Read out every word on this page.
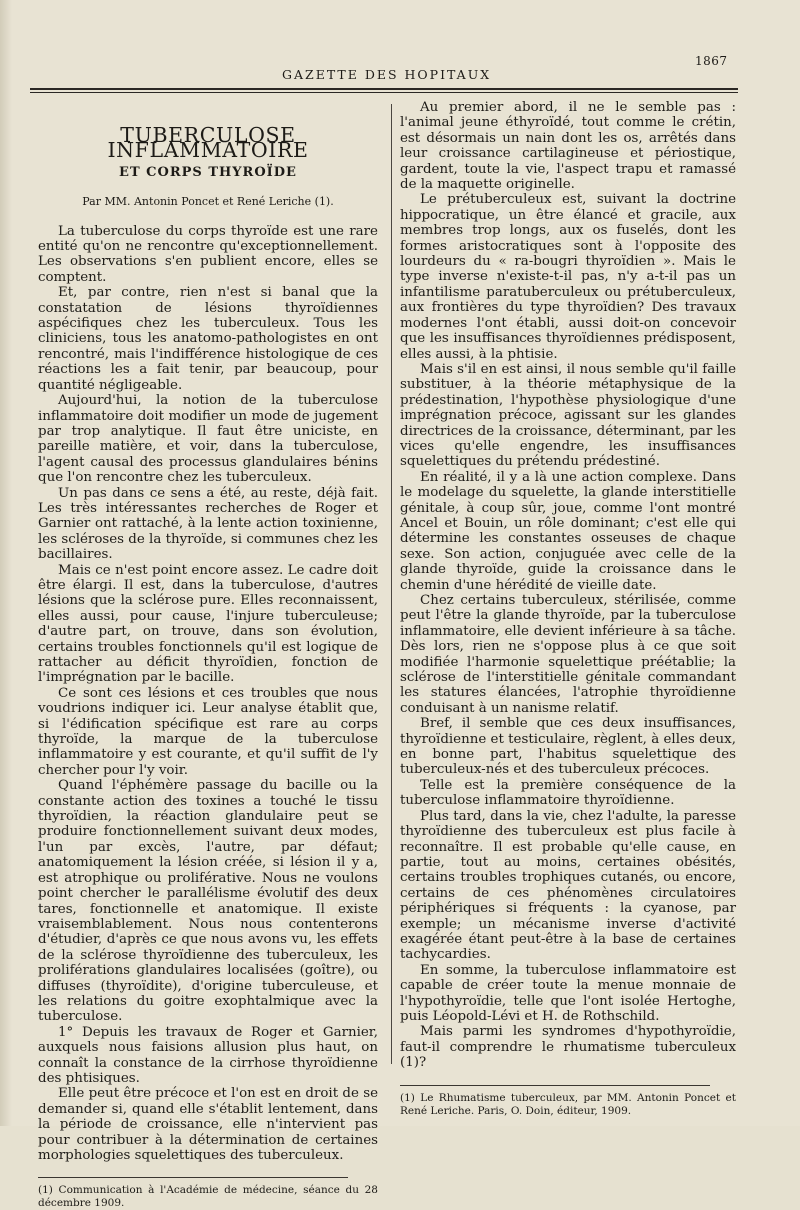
1867
GAZETTE DES HOPITAUX
TUBERCULOSE INFLAMMATOIRE
ET CORPS THYROÏDE
Par MM. Antonin Poncet et René Leriche (1).

La tuberculose du corps thyroïde est une rare entité qu'on ne rencontre qu'exceptionnellement. Les observations s'en publient encore, elles se comptent.

Et, par contre, rien n'est si banal que la constatation de lésions thyroïdiennes aspécifiques chez les tuberculeux. Tous les cliniciens, tous les anatomo-pathologistes en ont rencontré, mais l'indifférence histologique de ces réactions les a fait tenir, par beaucoup, pour quantité négligeable.

Aujourd'hui, la notion de la tuberculose inflammatoire doit modifier un mode de jugement par trop analytique. Il faut être uniciste, en pareille matière, et voir, dans la tuberculose, l'agent causal des processus glandulaires bénins que l'on rencontre chez les tuberculeux.

Un pas dans ce sens a été, au reste, déjà fait. Les très intéressantes recherches de Roger et Garnier ont rattaché, à la lente action toxinienne, les scléroses de la thyroïde, si communes chez les bacillaires.

Mais ce n'est point encore assez. Le cadre doit être élargi. Il est, dans la tuberculose, d'autres lésions que la sclérose pure. Elles reconnaissent, elles aussi, pour cause, l'injure tuberculeuse; d'autre part, on trouve, dans son évolution, certains troubles fonctionnels qu'il est logique de rattacher au déficit thyroïdien, fonction de l'imprégnation par le bacille.

Ce sont ces lésions et ces troubles que nous voudrions indiquer ici. Leur analyse établit que, si l'édification spécifique est rare au corps thyroïde, la marque de la tuberculose inflammatoire y est courante, et qu'il suffit de l'y chercher pour l'y voir.

Quand l'éphémère passage du bacille ou la constante action des toxines a touché le tissu thyroïdien, la réaction glandulaire peut se produire fonctionnellement suivant deux modes, l'un par excès, l'autre, par défaut; anatomiquement la lésion créée, si lésion il y a, est atrophique ou proliférative. Nous ne voulons point chercher le parallélisme évolutif des deux tares, fonctionnelle et anatomique. Il existe vraisemblablement. Nous nous contenterons d'étudier, d'après ce que nous avons vu, les effets de la sclérose thyroïdienne des tuberculeux, les proliférations glandulaires localisées (goître), ou diffuses (thyroïdite), d'origine tuberculeuse, et les relations du goitre exophtalmique avec la tuberculose.

1° Depuis les travaux de Roger et Garnier, auxquels nous faisions allusion plus haut, on connaît la constance de la cirrhose thyroïdienne des phtisiques.

Elle peut être précoce et l'on est en droit de se demander si, quand elle s'établit lentement, dans la période de croissance, elle n'intervient pas pour contribuer à la détermination de certaines morphologies squelettiques des tuberculeux.

(1) Communication à l'Académie de médecine, séance du 28 décembre 1909.

Au premier abord, il ne le semble pas : l'animal jeune éthyroïdé, tout comme le crétin, est désormais un nain dont les os, arrêtés dans leur croissance cartilagineuse et périostique, gardent, toute la vie, l'aspect trapu et ramassé de la maquette originelle.

Le prétuberculeux est, suivant la doctrine hippocratique, un être élancé et gracile, aux membres trop longs, aux os fuselés, dont les formes aristocratiques sont à l'opposite des lourdeurs du « ra-bougri thyroïdien ». Mais le type inverse n'existe-t-il pas, n'y a-t-il pas un infantilisme paratuberculeux ou prétuberculeux, aux frontières du type thyroïdien? Des travaux modernes l'ont établi, aussi doit-on concevoir que les insuffisances thyroïdiennes prédisposent, elles aussi, à la phtisie.

Mais s'il en est ainsi, il nous semble qu'il faille substituer, à la théorie métaphysique de la prédestination, l'hypothèse physiologique d'une imprégnation précoce, agissant sur les glandes directrices de la croissance, déterminant, par les vices qu'elle engendre, les insuffisances squelettiques du prétendu prédestiné.

En réalité, il y a là une action complexe. Dans le modelage du squelette, la glande interstitielle génitale, à coup sûr, joue, comme l'ont montré Ancel et Bouin, un rôle dominant; c'est elle qui détermine les constantes osseuses de chaque sexe. Son action, conjuguée avec celle de la glande thyroïde, guide la croissance dans le chemin d'une hérédité de vieille date.

Chez certains tuberculeux, stérilisée, comme peut l'être la glande thyroïde, par la tuberculose inflammatoire, elle devient inférieure à sa tâche. Dès lors, rien ne s'oppose plus à ce que soit modifiée l'harmonie squelettique préétablie; la sclérose de l'interstitielle génitale commandant les statures élancées, l'atrophie thyroïdienne conduisant à un nanisme relatif.

Bref, il semble que ces deux insuffisances, thyroïdienne et testiculaire, règlent, à elles deux, en bonne part, l'habitus squelettique des tuberculeux-nés et des tuberculeux précoces.

Telle est la première conséquence de la tuberculose inflammatoire thyroïdienne.

Plus tard, dans la vie, chez l'adulte, la paresse thyroïdienne des tuberculeux est plus facile à reconnaître. Il est probable qu'elle cause, en partie, tout au moins, certaines obésités, certains troubles trophiques cutanés, ou encore, certains de ces phénomènes circulatoires périphériques si fréquents : la cyanose, par exemple; un mécanisme inverse d'activité exagérée étant peut-être à la base de certaines tachycardies.

En somme, la tuberculose inflammatoire est capable de créer toute la menue monnaie de l'hypothyroïdie, telle que l'ont isolée Hertoghe, puis Léopold-Lévi et H. de Rothschild.

Mais parmi les syndromes d'hypothyroïdie, faut-il comprendre le rhumatisme tuberculeux (1)?

(1) Le Rhumatisme tuberculeux, par MM. Antonin Poncet et René Leriche. Paris, O. Doin, éditeur, 1909.
